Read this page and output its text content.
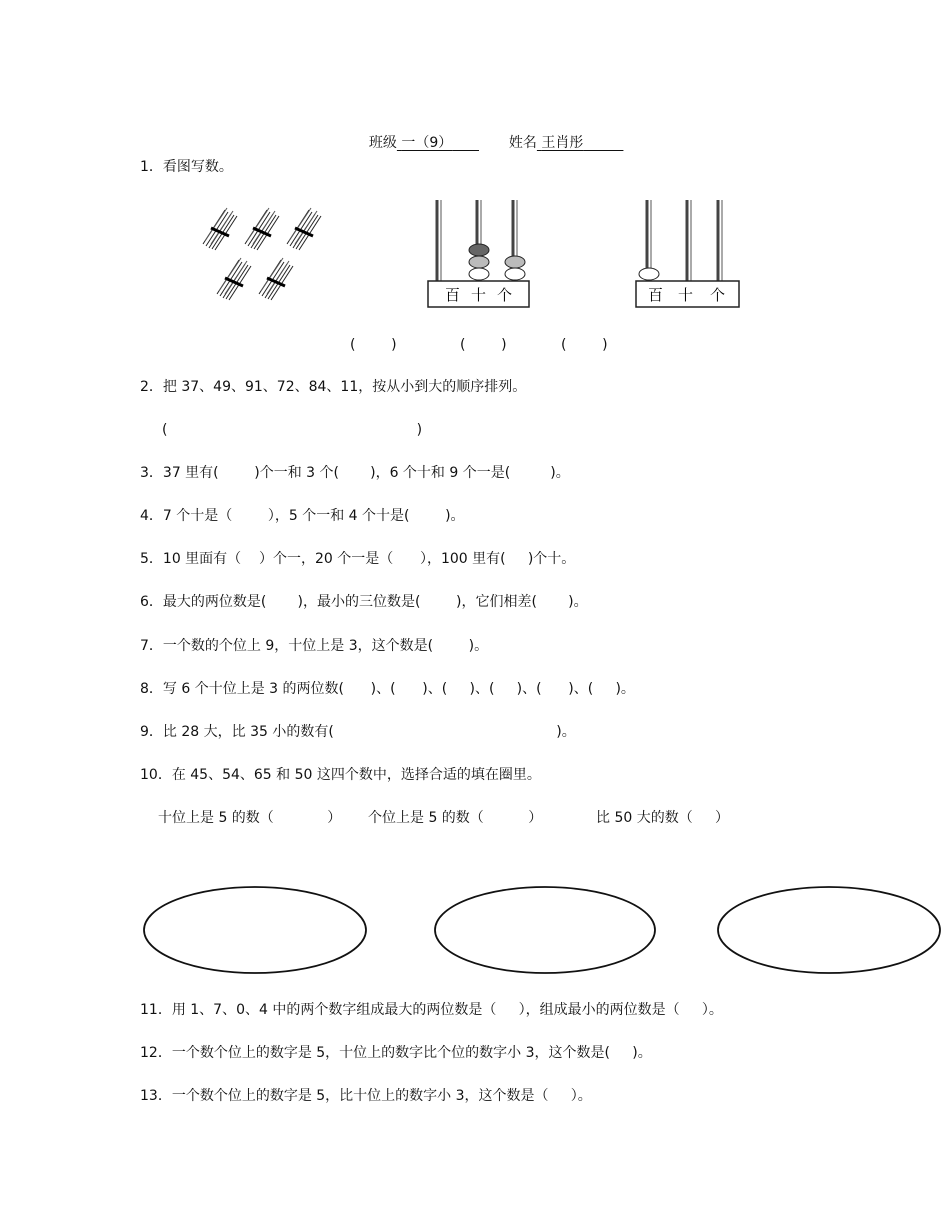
班级 一（9）	姓名 王肖彤

1．看图写数。
百 十 个	百 十 个
(        )	(        )	(        )
2．把 37、49、91、72、84、11，按从小到大的顺序排列。
(                                                        )
3．37 里有(        )个一和 3 个(       )，6 个十和 9 个一是(         )。
4．7 个十是（        ），5 个一和 4 个十是(        )。
5．10 里面有（    ）个一，20 个一是（      ），100 里有(     )个十。
6．最大的两位数是(       )，最小的三位数是(        )，它们相差(       )。
7．一个数的个位上 9，十位上是 3，这个数是(        )。
8．写 6 个十位上是 3 的两位数(      )、(      )、(     )、(     )、(      )、(     )。
9．比 28 大，比 35 小的数有(                                                  )。
10．在 45、54、65 和 50 这四个数中，选择合适的填在圈里。
十位上是 5 的数（            ） 个位上是 5 的数（          ）	比 50 大的数（     ）
11．用 1、7、0、4 中的两个数字组成最大的两位数是（     ），组成最小的两位数是（     ）。
12．一个数个位上的数字是 5，十位上的数字比个位的数字小 3，这个数是(     )。
13．一个数个位上的数字是 5，比十位上的数字小 3，这个数是（     ）。
